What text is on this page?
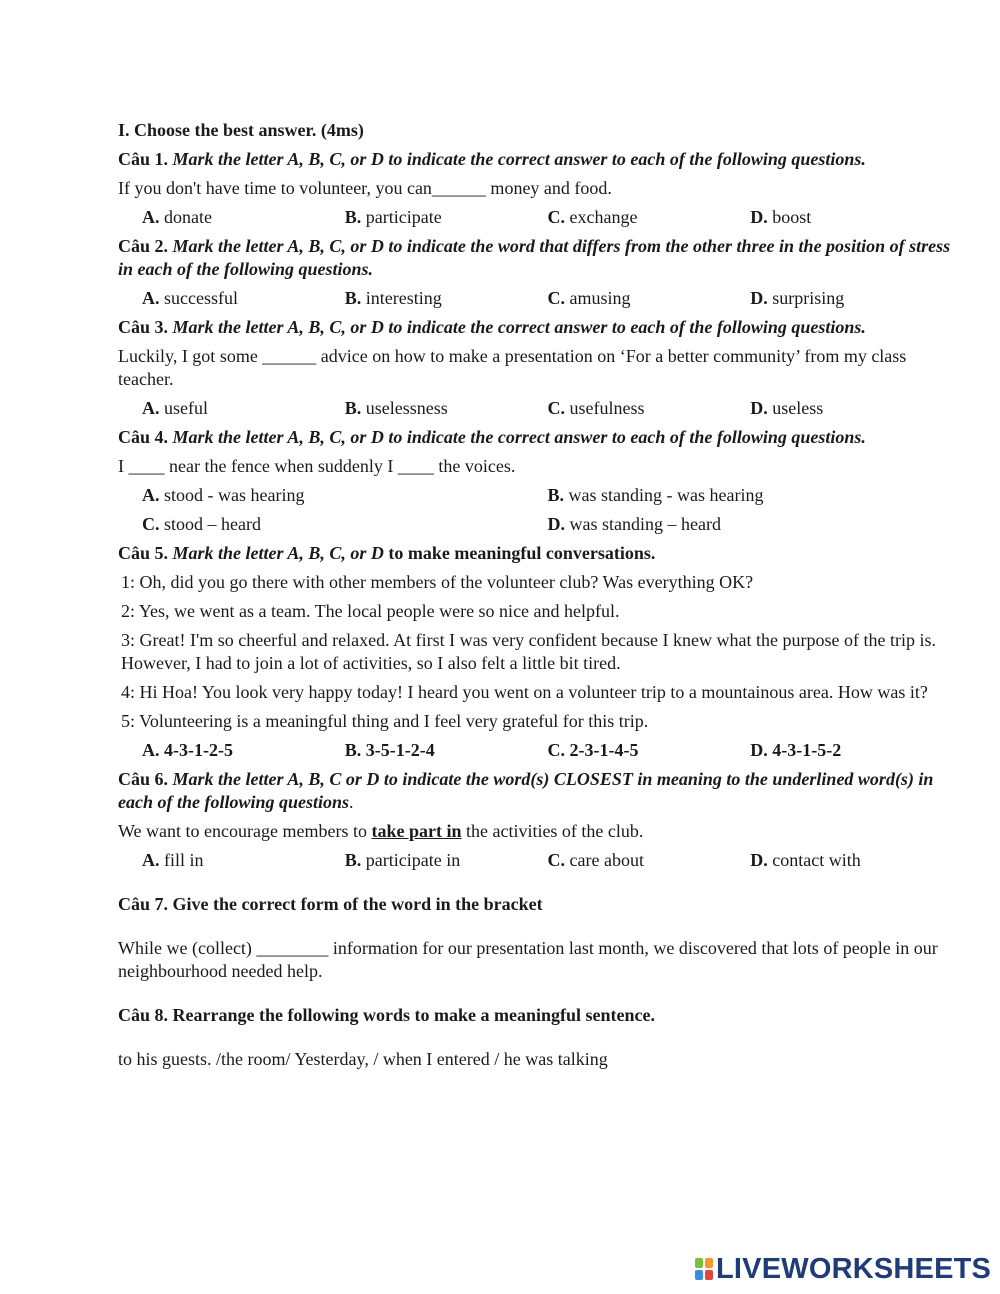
I. Choose the best answer. (4ms)
Câu 1. Mark the letter A, B, C, or D to indicate the correct answer to each of the following questions.
If you don't have time to volunteer, you can______ money and food.
A. donate	B. participate	C. exchange	D. boost
Câu 2. Mark the letter A, B, C, or D to indicate the word that differs from the other three in the position of stress in each of the following questions.
A. successful	B. interesting	C. amusing	D. surprising
Câu 3. Mark the letter A, B, C, or D to indicate the correct answer to each of the following questions.
Luckily, I got some ______ advice on how to make a presentation on ‘For a better community’ from my class teacher.
A. useful	B. uselessness	C. usefulness	D. useless
Câu 4. Mark the letter A, B, C, or D to indicate the correct answer to each of the following questions.
I ____ near the fence when suddenly I ____ the voices.
A. stood - was hearing	B. was standing - was hearing
C. stood – heard	D. was standing – heard
Câu 5. Mark the letter A, B, C, or D to make meaningful conversations.
1: Oh, did you go there with other members of the volunteer club? Was everything OK?
2: Yes, we went as a team. The local people were so nice and helpful.
3: Great! I'm so cheerful and relaxed. At first I was very confident because I knew what the purpose of the trip is. However, I had to join a lot of activities, so I also felt a little bit tired.
4: Hi Hoa! You look very happy today! I heard you went on a volunteer trip to a mountainous area. How was it?
5: Volunteering is a meaningful thing and I feel very grateful for this trip.
A. 4-3-1-2-5	B. 3-5-1-2-4	C. 2-3-1-4-5	D. 4-3-1-5-2
Câu 6. Mark the letter A, B, C or D to indicate the word(s) CLOSEST in meaning to the underlined word(s) in each of the following questions.
We want to encourage members to take part in the activities of the club.
A. fill in	B. participate in	C. care about	D. contact with
Câu 7. Give the correct form of the word in the bracket
While we (collect) ________ information for our presentation last month, we discovered that lots of people in our neighbourhood needed help.
Câu 8. Rearrange the following words to make a meaningful sentence.
to his guests. /the room/ Yesterday, / when I entered / he was talking
LIVEWORKSHEETS
